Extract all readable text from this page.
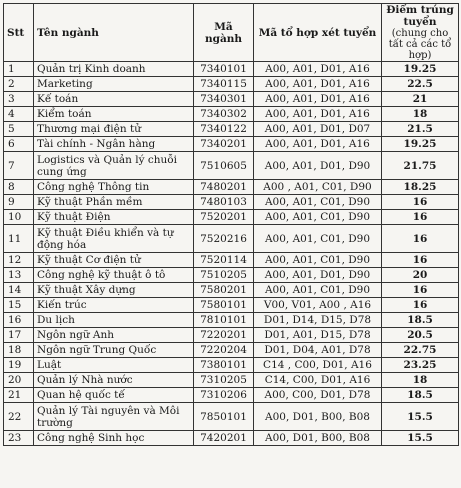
Stt	Tên ngành	Mã ngành	Mã tổ hợp xét tuyển	Điểm trúng tuyển
(chung cho tất cả các tổ hợp)

1	Quản trị Kinh doanh	7340101	A00, A01, D01, A16	19.25
2	Marketing	7340115	A00, A01, D01, A16	22.5
3	Kế toán	7340301	A00, A01, D01, A16	21
4	Kiểm toán	7340302	A00, A01, D01, A16	18
5	Thương mại điện tử	7340122	A00, A01, D01, D07	21.5
6	Tài chính - Ngân hàng	7340201	A00, A01, D01, A16	19.25
7	Logistics và Quản lý chuỗi cung ứng	7510605	A00, A01, D01, D90	21.75
8	Công nghệ Thông tin	7480201	A00 , A01, C01, D90	18.25
9	Kỹ thuật Phần mềm	7480103	A00, A01, C01, D90	16
10	Kỹ thuật Điện	7520201	A00, A01, C01, D90	16
11	Kỹ thuật Điều khiển và tự động hóa	7520216	A00, A01, C01, D90	16
12	Kỹ thuật Cơ điện tử	7520114	A00, A01, C01, D90	16
13	Công nghệ kỹ thuật ô tô	7510205	A00, A01, D01, D90	20
14	Kỹ thuật Xây dựng	7580201	A00, A01, C01, D90	16
15	Kiến trúc	7580101	V00, V01, A00 , A16	16
16	Du lịch	7810101	D01, D14, D15, D78	18.5
17	Ngôn ngữ Anh	7220201	D01, A01, D15, D78	20.5
18	Ngôn ngữ Trung Quốc	7220204	D01, D04, A01, D78	22.75
19	Luật	7380101	C14 , C00, D01, A16	23.25
20	Quản lý Nhà nước	7310205	C14, C00, D01, A16	18
21	Quan hệ quốc tế	7310206	A00, C00, D01, D78	18.5
22	Quản lý Tài nguyên và Môi trường	7850101	A00, D01, B00, B08	15.5
23	Công nghệ Sinh học	7420201	A00, D01, B00, B08	15.5
